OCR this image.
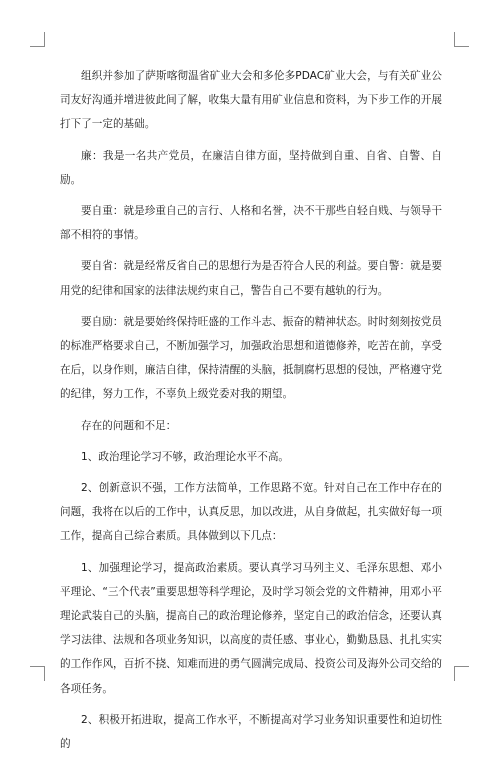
组织并参加了萨斯喀彻温省矿业大会和多伦多PDAC矿业大会，与有关矿业公司友好沟通并增进彼此间了解，收集大量有用矿业信息和资料，为下步工作的开展打下了一定的基础。

廉：我是一名共产党员，在廉洁自律方面，坚持做到自重、自省、自警、自励。

要自重：就是珍重自己的言行、人格和名誉，决不干那些自轻自贱、与领导干部不相符的事情。

要自省：就是经常反省自己的思想行为是否符合人民的利益。要自警：就是要用党的纪律和国家的法律法规约束自己，警告自己不要有越轨的行为。

要自励：就是要始终保持旺盛的工作斗志、振奋的精神状态。时时刻刻按党员的标准严格要求自己，不断加强学习，加强政治思想和道德修养，吃苦在前，享受在后，以身作则，廉洁自律，保持清醒的头脑，抵制腐朽思想的侵蚀，严格遵守党的纪律，努力工作，不辜负上级党委对我的期望。

存在的问题和不足：

1、政治理论学习不够，政治理论水平不高。

2、创新意识不强，工作方法简单，工作思路不宽。针对自己在工作中存在的问题，我将在以后的工作中，认真反思，加以改进，从自身做起，扎实做好每一项工作，提高自己综合素质。具体做到以下几点：

1、加强理论学习，提高政治素质。要认真学习马列主义、毛泽东思想、邓小平理论、“三个代表”重要思想等科学理论，及时学习领会党的文件精神，用邓小平理论武装自己的头脑，提高自己的政治理论修养，坚定自己的政治信念，还要认真学习法律、法规和各项业务知识，以高度的责任感、事业心，勤勤恳恳、扎扎实实的工作作风，百折不挠、知难而进的勇气圆满完成局、投资公司及海外公司交给的各项任务。

2、积极开拓进取，提高工作水平，不断提高对学习业务知识重要性和迫切性的
